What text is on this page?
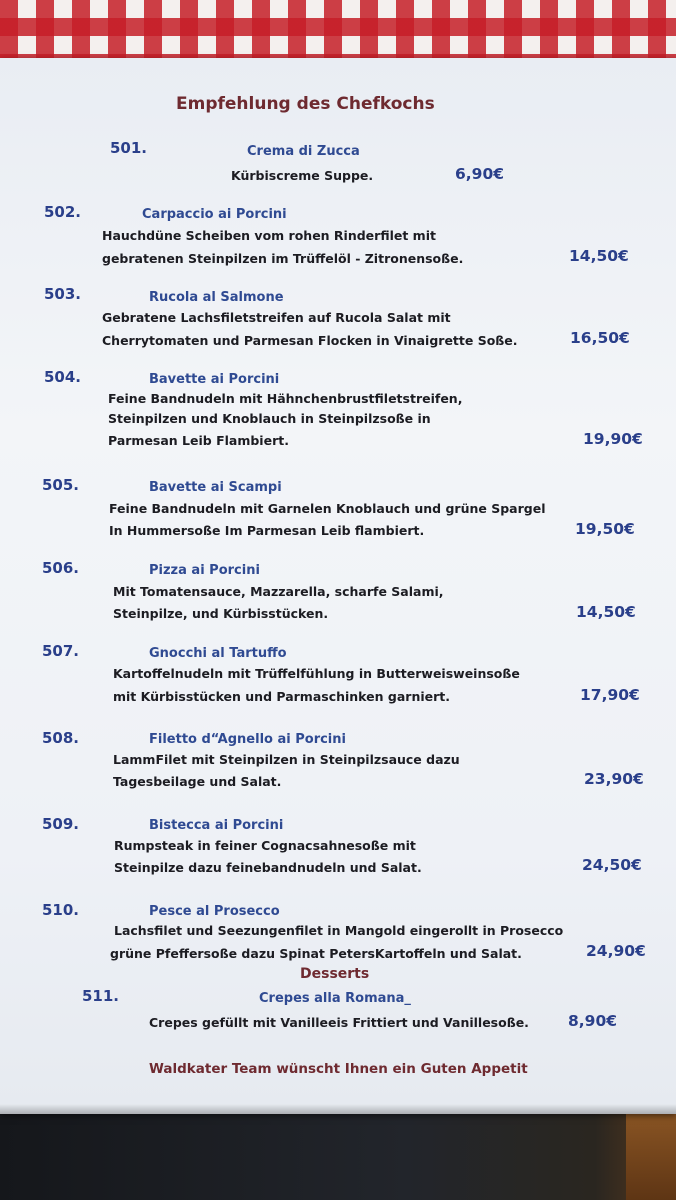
Empfehlung des Chefkochs
501.	Crema di Zucca
Kürbiscreme Suppe.	6,90€
502.	Carpaccio ai Porcini
Hauchdüne Scheiben vom rohen Rinderfilet mit
gebratenen Steinpilzen im Trüffelöl - Zitronensoße.	14,50€
503.	Rucola al Salmone
Gebratene Lachsfiletstreifen auf Rucola Salat mit
Cherrytomaten und Parmesan Flocken in Vinaigrette Soße.	16,50€
504.	Bavette ai Porcini
Feine Bandnudeln mit Hähnchenbrustfiletstreifen,
Steinpilzen und Knoblauch in Steinpilzsoße in
Parmesan Leib Flambiert.	19,90€
505.	Bavette ai Scampi
Feine Bandnudeln mit Garnelen Knoblauch und grüne Spargel
In Hummersoße Im Parmesan Leib flambiert.	19,50€
506.	Pizza ai Porcini
Mit Tomatensauce, Mazzarella, scharfe Salami,
Steinpilze, und Kürbisstücken.	14,50€
507.	Gnocchi al Tartuffo
Kartoffelnudeln mit Trüffelfühlung in Butterweisweinsoße
mit Kürbisstücken und Parmaschinken garniert.	17,90€
508.	Filetto d“Agnello ai Porcini
LammFilet mit Steinpilzen in Steinpilzsauce dazu
Tagesbeilage und Salat.	23,90€
509.	Bistecca ai Porcini
Rumpsteak in feiner Cognacsahnesoße mit
Steinpilze dazu feinebandnudeln und Salat.	24,50€
510.	Pesce al Prosecco
Lachsfilet und Seezungenfilet in Mangold eingerollt in Prosecco
grüne Pfeffersoße dazu Spinat PetersKartoffeln und Salat.	24,90€
Desserts
511.	Crepes alla Romana_
Crepes gefüllt mit Vanilleeis Frittiert und Vanillesoße.	8,90€
Waldkater Team wünscht Ihnen ein Guten Appetit
